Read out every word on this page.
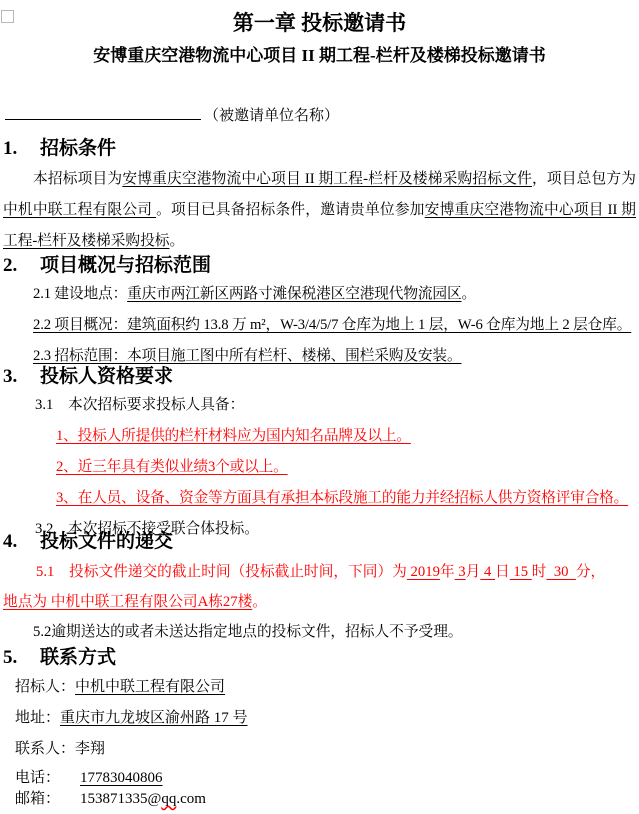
第一章 投标邀请书
安博重庆空港物流中心项目 II 期工程-栏杆及楼梯投标邀请书
（被邀请单位名称）
1. 招标条件

本招标项目为安博重庆空港物流中心项目 II 期工程-栏杆及楼梯采购招标文件，项目总包方为中机中联工程有限公司 。项目已具备招标条件，邀请贵单位参加安博重庆空港物流中心项目 II 期工程-栏杆及楼梯采购投标。

2. 项目概况与招标范围
2.1 建设地点：重庆市两江新区两路寸滩保税港区空港现代物流园区。
2.2 项目概况：建筑面积约 13.8 万 m²，W-3/4/5/7 仓库为地上 1 层，W-6 仓库为地上 2 层仓库。
2.3 招标范围：本项目施工图中所有栏杆、楼梯、围栏采购及安装。
3. 投标人资格要求
3.1　本次招标要求投标人具备：
1、投标人所提供的栏杆材料应为国内知名品牌及以上。
2、近三年具有类似业绩3个或以上。
3、在人员、设备、资金等方面具有承担本标段施工的能力并经招标人供方资格评审合格。
3.2　本次招标不接受联合体投标。
4. 投标文件的递交
5.1　投标文件递交的截止时间（投标截止时间，下同）为 2019年 3月 4 日 15 时  30  分，
地点为 中机中联工程有限公司A栋27楼。
5.2逾期送达的或者未送达指定地点的投标文件，招标人不予受理。
5. 联系方式
招标人：中机中联工程有限公司
地址：重庆市九龙坡区渝州路 17 号
联系人：李翔
电话： 17783040806
邮箱： 153871335@qq.com
